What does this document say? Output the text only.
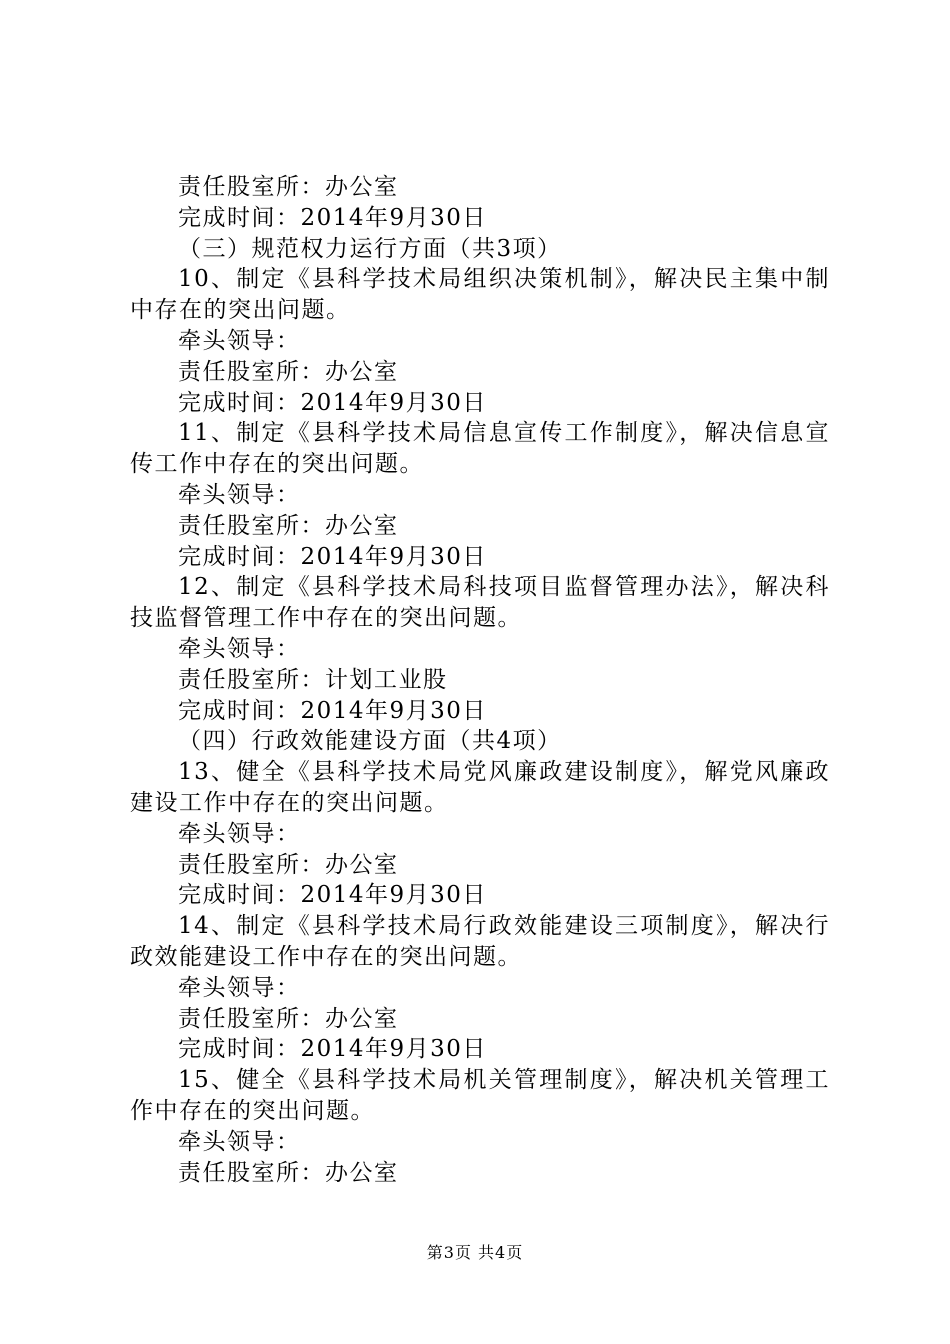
责任股室所：办公室
完成时间：2014年9月30日
（三）规范权力运行方面（共3项）
10、制定《县科学技术局组织决策机制》，解决民主集中制中存在的突出问题。
牵头领导：
责任股室所：办公室
完成时间：2014年9月30日
11、制定《县科学技术局信息宣传工作制度》，解决信息宣传工作中存在的突出问题。
牵头领导：
责任股室所：办公室
完成时间：2014年9月30日
12、制定《县科学技术局科技项目监督管理办法》，解决科技监督管理工作中存在的突出问题。
牵头领导：
责任股室所：计划工业股
完成时间：2014年9月30日
（四）行政效能建设方面（共4项）
13、健全《县科学技术局党风廉政建设制度》，解党风廉政建设工作中存在的突出问题。
牵头领导：
责任股室所：办公室
完成时间：2014年9月30日
14、制定《县科学技术局行政效能建设三项制度》，解决行政效能建设工作中存在的突出问题。
牵头领导：
责任股室所：办公室
完成时间：2014年9月30日
15、健全《县科学技术局机关管理制度》，解决机关管理工作中存在的突出问题。
牵头领导：
责任股室所：办公室
第3页 共4页
